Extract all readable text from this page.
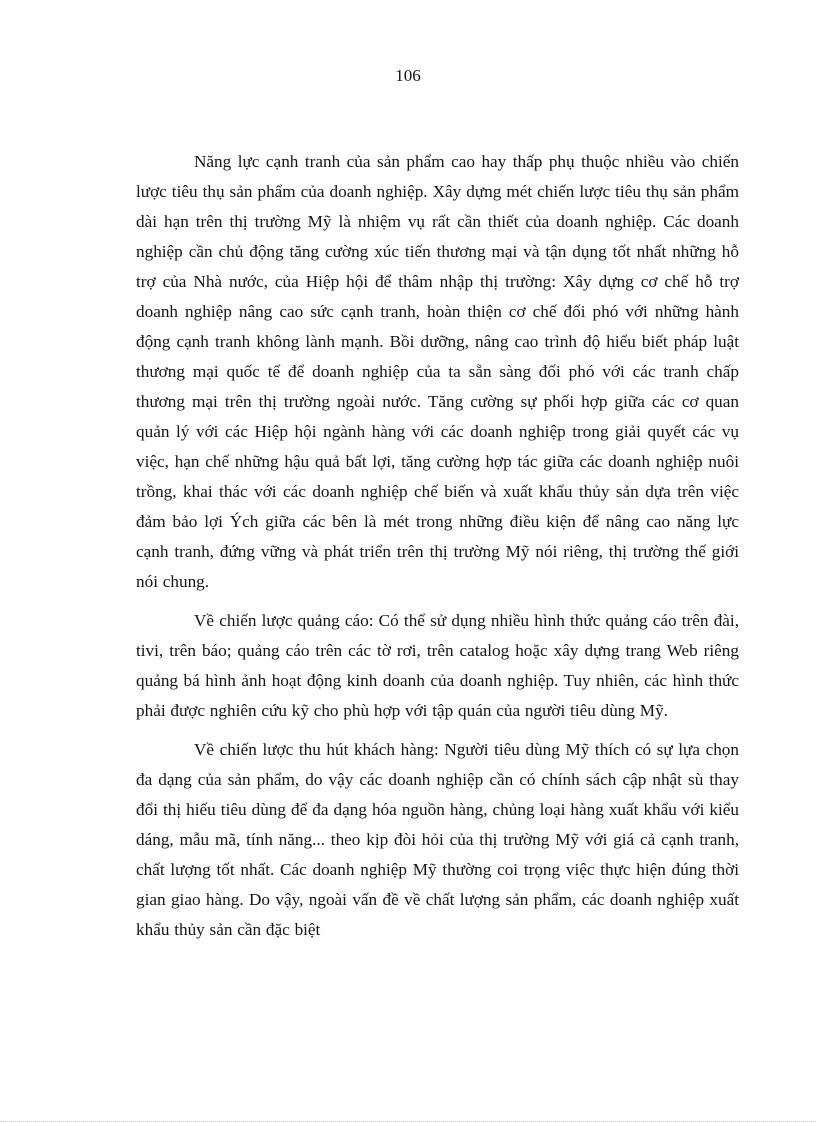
106

Năng lực cạnh tranh của sản phẩm cao hay thấp phụ thuộc nhiều vào chiến lược tiêu thụ sản phẩm của doanh nghiệp. Xây dựng mét chiến lược tiêu thụ sản phẩm dài hạn trên thị trường Mỹ là nhiệm vụ rất cần thiết của doanh nghiệp. Các doanh nghiệp cần chủ động tăng cường xúc tiến thương mại và tận dụng tốt nhất những hỗ trợ của Nhà nước, của Hiệp hội để thâm nhập thị trường: Xây dựng cơ chế hỗ trợ doanh nghiệp nâng cao sức cạnh tranh, hoàn thiện cơ chế đối phó với những hành động cạnh tranh không lành mạnh. Bồi dưỡng, nâng cao trình độ hiểu biết pháp luật thương mại quốc tế để doanh nghiệp của ta sẵn sàng đối phó với các tranh chấp thương mại trên thị trường ngoài nước. Tăng cường sự phối hợp giữa các cơ quan quản lý với các Hiệp hội ngành hàng với các doanh nghiệp trong giải quyết các vụ việc, hạn chế những hậu quả bất lợi, tăng cường hợp tác giữa các doanh nghiệp nuôi trồng, khai thác với các doanh nghiệp chế biến và xuất khẩu thủy sản dựa trên việc đảm bảo lợi Ých giữa các bên là mét trong những điều kiện để nâng cao năng lực cạnh tranh, đứng vững và phát triển trên thị trường Mỹ nói riêng, thị trường thế giới nói chung.

Về chiến lược quảng cáo: Có thể sử dụng nhiều hình thức quảng cáo trên đài, tivi, trên báo; quảng cáo trên các tờ rơi, trên catalog hoặc xây dựng trang Web riêng quảng bá hình ảnh hoạt động kinh doanh của doanh nghiệp. Tuy nhiên, các hình thức phải được nghiên cứu kỹ cho phù hợp với tập quán của người tiêu dùng Mỹ.

Về chiến lược thu hút khách hàng: Người tiêu dùng Mỹ thích có sự lựa chọn đa dạng của sản phẩm, do vậy các doanh nghiệp cần có chính sách cập nhật sù thay đổi thị hiếu tiêu dùng để đa dạng hóa nguồn hàng, chủng loại hàng xuất khẩu với kiểu dáng, mẫu mã, tính năng... theo kịp đòi hỏi của thị trường Mỹ với giá cả cạnh tranh, chất lượng tốt nhất. Các doanh nghiệp Mỹ thường coi trọng việc thực hiện đúng thời gian giao hàng. Do vậy, ngoài vấn đề về chất lượng sản phẩm, các doanh nghiệp xuất khẩu thủy sản cần đặc biệt
